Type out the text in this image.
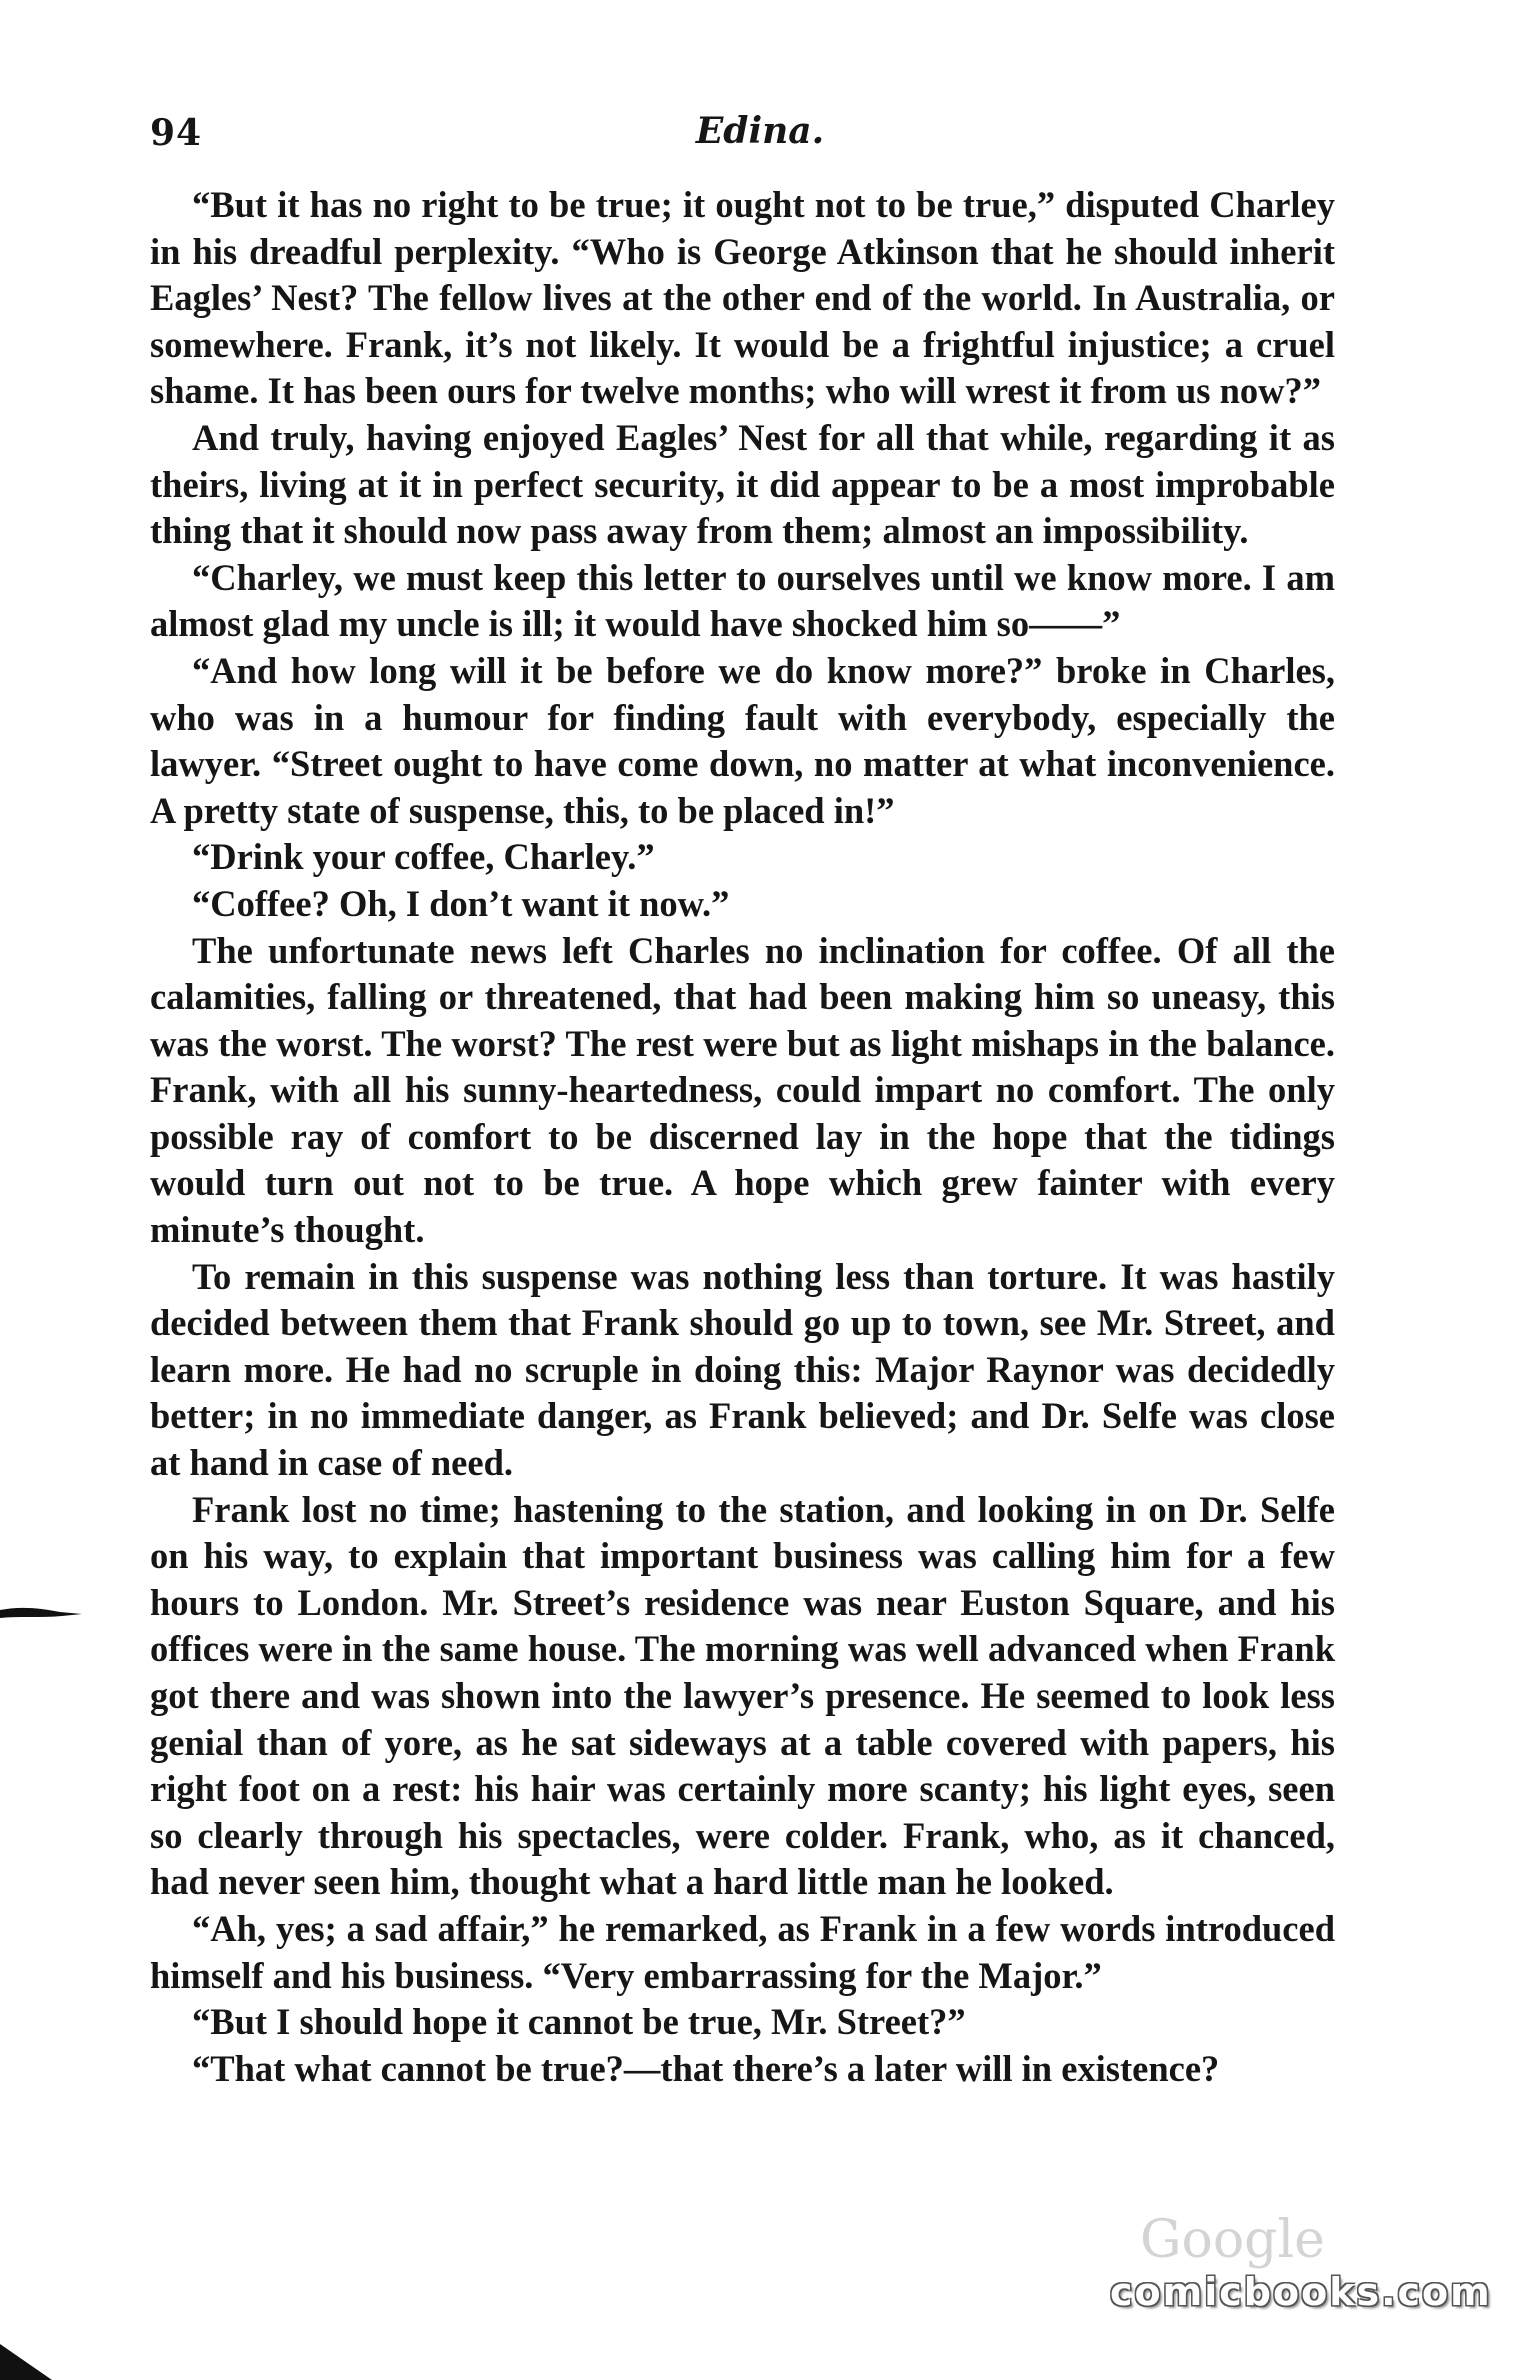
94	Edina.

“But it has no right to be true; it ought not to be true,” disputed Charley in his dreadful perplexity. “Who is George Atkinson that he should inherit Eagles’ Nest? The fellow lives at the other end of the world. In Australia, or somewhere. Frank, it’s not likely. It would be a frightful injustice; a cruel shame. It has been ours for twelve months; who will wrest it from us now?”

And truly, having enjoyed Eagles’ Nest for all that while, regarding it as theirs, living at it in perfect security, it did appear to be a most improbable thing that it should now pass away from them; almost an impossibility.

“Charley, we must keep this letter to ourselves until we know more. I am almost glad my uncle is ill; it would have shocked him so——”

“And how long will it be before we do know more?” broke in Charles, who was in a humour for finding fault with everybody, especially the lawyer. “Street ought to have come down, no matter at what inconvenience. A pretty state of suspense, this, to be placed in!”

“Drink your coffee, Charley.”

“Coffee? Oh, I don’t want it now.”

The unfortunate news left Charles no inclination for coffee. Of all the calamities, falling or threatened, that had been making him so uneasy, this was the worst. The worst? The rest were but as light mishaps in the balance. Frank, with all his sunny-heartedness, could impart no comfort. The only possible ray of comfort to be discerned lay in the hope that the tidings would turn out not to be true. A hope which grew fainter with every minute’s thought.

To remain in this suspense was nothing less than torture. It was hastily decided between them that Frank should go up to town, see Mr. Street, and learn more. He had no scruple in doing this: Major Raynor was decidedly better; in no immediate danger, as Frank believed; and Dr. Selfe was close at hand in case of need.

Frank lost no time; hastening to the station, and looking in on Dr. Selfe on his way, to explain that important business was calling him for a few hours to London. Mr. Street’s residence was near Euston Square, and his offices were in the same house. The morning was well advanced when Frank got there and was shown into the lawyer’s presence. He seemed to look less genial than of yore, as he sat sideways at a table covered with papers, his right foot on a rest: his hair was certainly more scanty; his light eyes, seen so clearly through his spectacles, were colder. Frank, who, as it chanced, had never seen him, thought what a hard little man he looked.

“Ah, yes; a sad affair,” he remarked, as Frank in a few words introduced himself and his business. “Very embarrassing for the Major.”

“But I should hope it cannot be true, Mr. Street?”

“That what cannot be true?—that there’s a later will in existence?

Google
comicbooks.com
